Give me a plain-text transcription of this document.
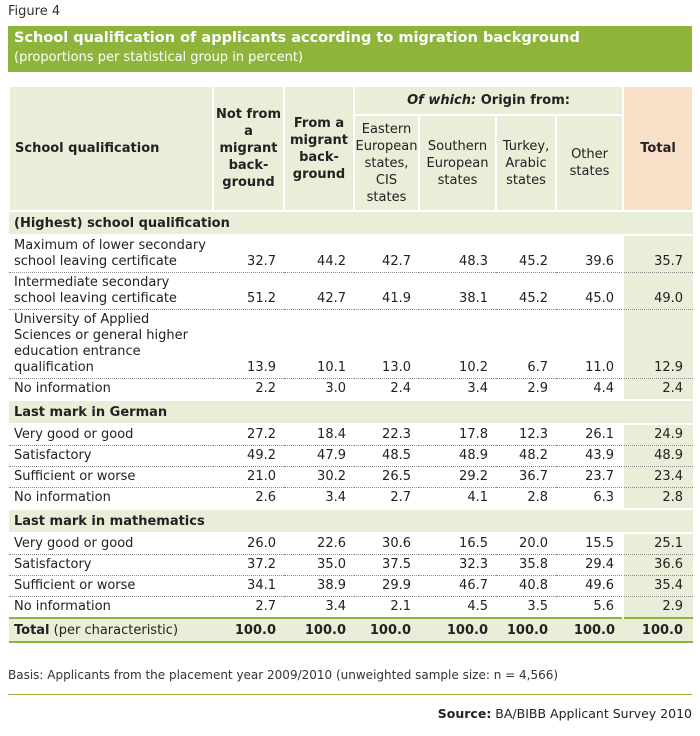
Figure 4
School qualification of applicants according to migration background
(proportions per statistical group in percent)
School qualification	Not from a migrant back-ground	From a migrant back-ground	Of which: Origin from:				Total
			Eastern European states, CIS states	Southern European states	Turkey, Arabic states	Other states	
(Highest) school qualification							
Maximum of lower secondary school leaving certificate	32.7	44.2	42.7	48.3	45.2	39.6	35.7
Intermediate secondary school leaving certificate	51.2	42.7	41.9	38.1	45.2	45.0	49.0
University of Applied Sciences or general higher education entrance qualification	13.9	10.1	13.0	10.2	6.7	11.0	12.9
No information	2.2	3.0	2.4	3.4	2.9	4.4	2.4
Last mark in German							
Very good or good	27.2	18.4	22.3	17.8	12.3	26.1	24.9
Satisfactory	49.2	47.9	48.5	48.9	48.2	43.9	48.9
Sufficient or worse	21.0	30.2	26.5	29.2	36.7	23.7	23.4
No information	2.6	3.4	2.7	4.1	2.8	6.3	2.8
Last mark in mathematics							
Very good or good	26.0	22.6	30.6	16.5	20.0	15.5	25.1
Satisfactory	37.2	35.0	37.5	32.3	35.8	29.4	36.6
Sufficient or worse	34.1	38.9	29.9	46.7	40.8	49.6	35.4
No information	2.7	3.4	2.1	4.5	3.5	5.6	2.9
Total (per characteristic)	100.0	100.0	100.0	100.0	100.0	100.0	100.0
Basis: Applicants from the placement year 2009/2010 (unweighted sample size: n = 4,566)
Source: BA/BIBB Applicant Survey 2010
